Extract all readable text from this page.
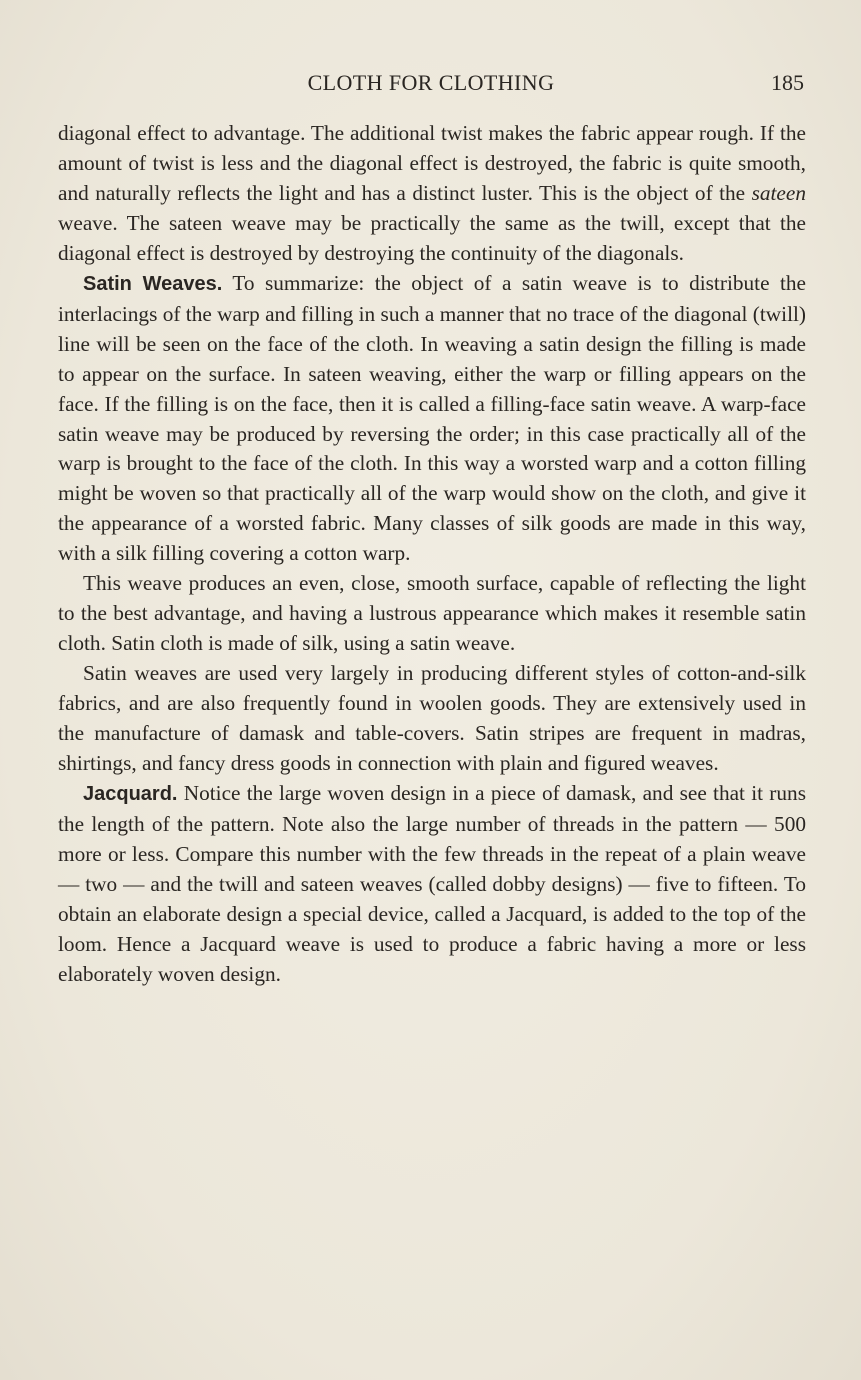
CLOTH FOR CLOTHING	185

diagonal effect to advantage. The additional twist makes the fabric appear rough. If the amount of twist is less and the diagonal effect is destroyed, the fabric is quite smooth, and naturally reflects the light and has a distinct luster. This is the object of the sateen weave. The sateen weave may be practically the same as the twill, except that the diagonal effect is destroyed by destroying the continuity of the diagonals.

Satin Weaves. To summarize: the object of a satin weave is to distribute the interlacings of the warp and filling in such a manner that no trace of the diagonal (twill) line will be seen on the face of the cloth. In weaving a satin design the filling is made to appear on the surface. In sateen weaving, either the warp or filling appears on the face. If the filling is on the face, then it is called a filling-face satin weave. A warp-face satin weave may be produced by reversing the order; in this case practically all of the warp is brought to the face of the cloth. In this way a worsted warp and a cotton filling might be woven so that practically all of the warp would show on the cloth, and give it the appearance of a worsted fabric. Many classes of silk goods are made in this way, with a silk filling covering a cotton warp.

This weave produces an even, close, smooth surface, capable of reflecting the light to the best advantage, and having a lustrous appearance which makes it resemble satin cloth. Satin cloth is made of silk, using a satin weave.

Satin weaves are used very largely in producing different styles of cotton-and-silk fabrics, and are also frequently found in woolen goods. They are extensively used in the manufacture of damask and table-covers. Satin stripes are frequent in madras, shirtings, and fancy dress goods in connection with plain and figured weaves.

Jacquard. Notice the large woven design in a piece of damask, and see that it runs the length of the pattern. Note also the large number of threads in the pattern — 500 more or less. Compare this number with the few threads in the repeat of a plain weave — two — and the twill and sateen weaves (called dobby designs) — five to fifteen. To obtain an elaborate design a special device, called a Jacquard, is added to the top of the loom. Hence a Jacquard weave is used to produce a fabric having a more or less elaborately woven design.
